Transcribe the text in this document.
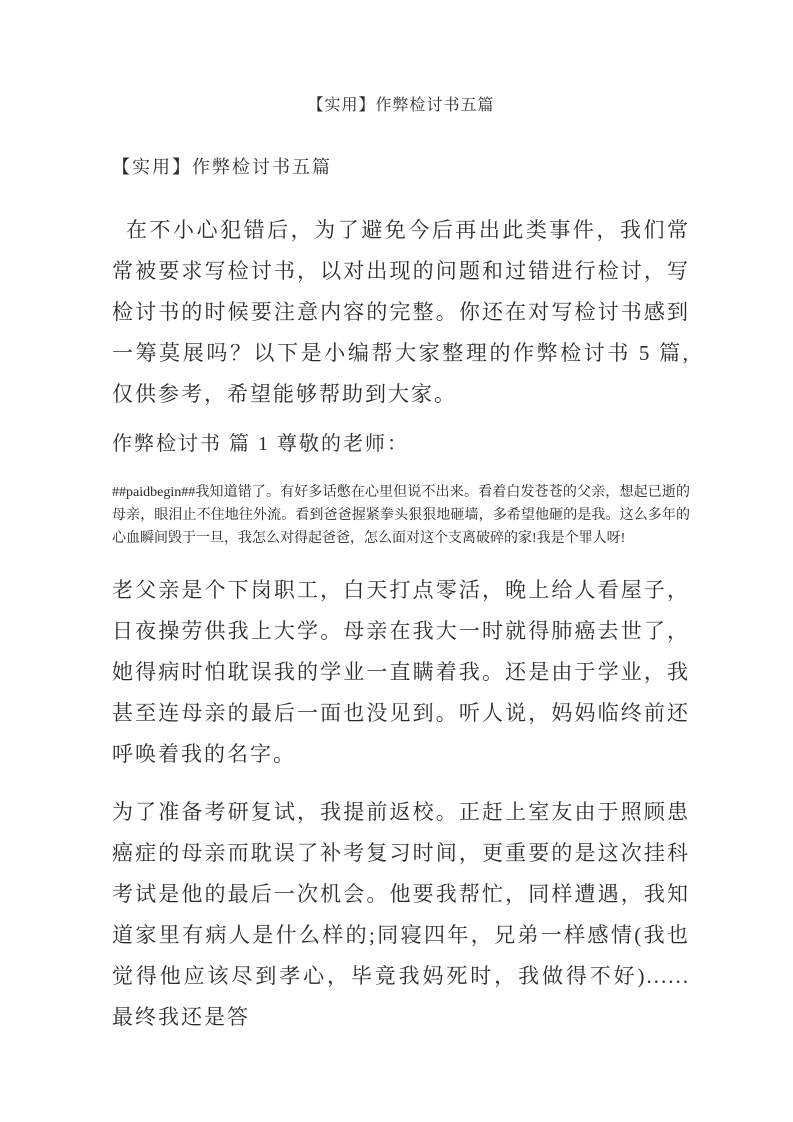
【实用】作弊检讨书五篇
【实用】作弊检讨书五篇

在不小心犯错后，为了避免今后再出此类事件，我们常常被要求写检讨书，以对出现的问题和过错进行检讨，写检讨书的时候要注意内容的完整。你还在对写检讨书感到一筹莫展吗？以下是小编帮大家整理的作弊检讨书 5 篇,仅供参考，希望能够帮助到大家。

作弊检讨书 篇 1 尊敬的老师：

##paidbegin##我知道错了。有好多话憋在心里但说不出来。看着白发苍苍的父亲，想起已逝的母亲，眼泪止不住地往外流。看到爸爸握紧拳头狠狠地砸墙，多希望他砸的是我。这么多年的心血瞬间毁于一旦，我怎么对得起爸爸，怎么面对这个支离破碎的家!我是个罪人呀!

老父亲是个下岗职工，白天打点零活，晚上给人看屋子，日夜操劳供我上大学。母亲在我大一时就得肺癌去世了，她得病时怕耽误我的学业一直瞒着我。还是由于学业，我甚至连母亲的最后一面也没见到。听人说，妈妈临终前还呼唤着我的名字。

为了准备考研复试，我提前返校。正赶上室友由于照顾患癌症的母亲而耽误了补考复习时间，更重要的是这次挂科考试是他的最后一次机会。他要我帮忙，同样遭遇，我知道家里有病人是什么样的;同寝四年，兄弟一样感情(我也觉得他应该尽到孝心，毕竟我妈死时，我做得不好)......最终我还是答
